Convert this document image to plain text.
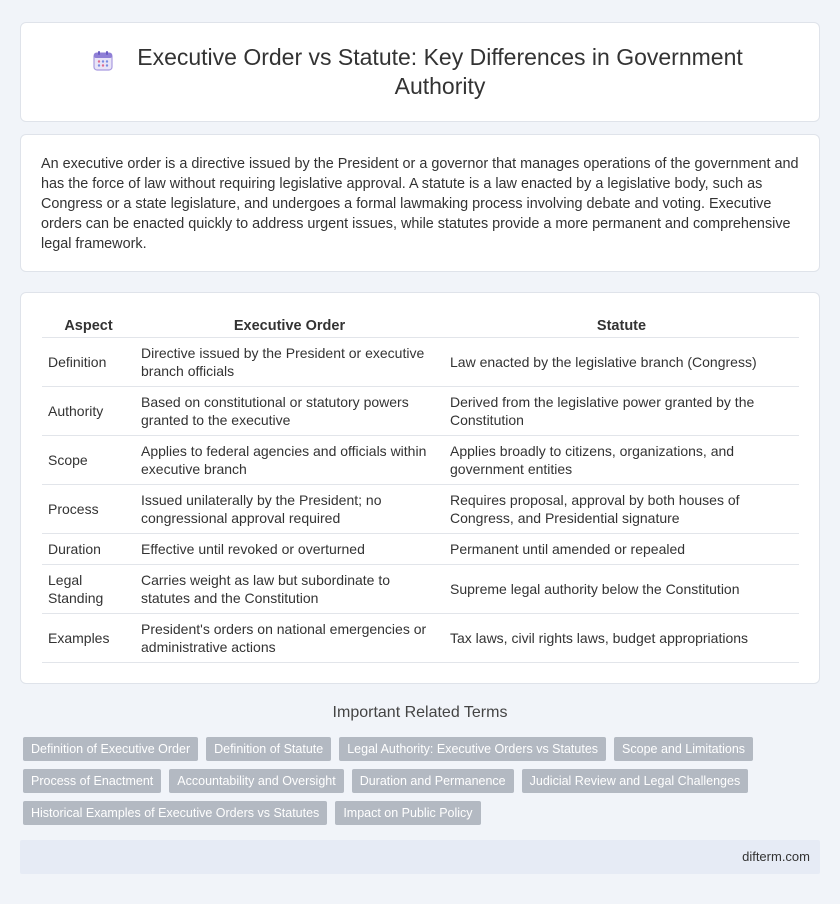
Executive Order vs Statute: Key Differences in Government Authority

An executive order is a directive issued by the President or a governor that manages operations of the government and has the force of law without requiring legislative approval. A statute is a law enacted by a legislative body, such as Congress or a state legislature, and undergoes a formal lawmaking process involving debate and voting. Executive orders can be enacted quickly to address urgent issues, while statutes provide a more permanent and comprehensive legal framework.

Aspect	Executive Order	Statute
Definition	Directive issued by the President or executive branch officials	Law enacted by the legislative branch (Congress)
Authority	Based on constitutional or statutory powers granted to the executive	Derived from the legislative power granted by the Constitution
Scope	Applies to federal agencies and officials within executive branch	Applies broadly to citizens, organizations, and government entities
Process	Issued unilaterally by the President; no congressional approval required	Requires proposal, approval by both houses of Congress, and Presidential signature
Duration	Effective until revoked or overturned	Permanent until amended or repealed
Legal Standing	Carries weight as law but subordinate to statutes and the Constitution	Supreme legal authority below the Constitution
Examples	President's orders on national emergencies or administrative actions	Tax laws, civil rights laws, budget appropriations
Important Related Terms
Definition of Executive Order	Definition of Statute	Legal Authority: Executive Orders vs Statutes	Scope and Limitations
Process of Enactment	Accountability and Oversight	Duration and Permanence	Judicial Review and Legal Challenges
Historical Examples of Executive Orders vs Statutes	Impact on Public Policy
difterm.com
